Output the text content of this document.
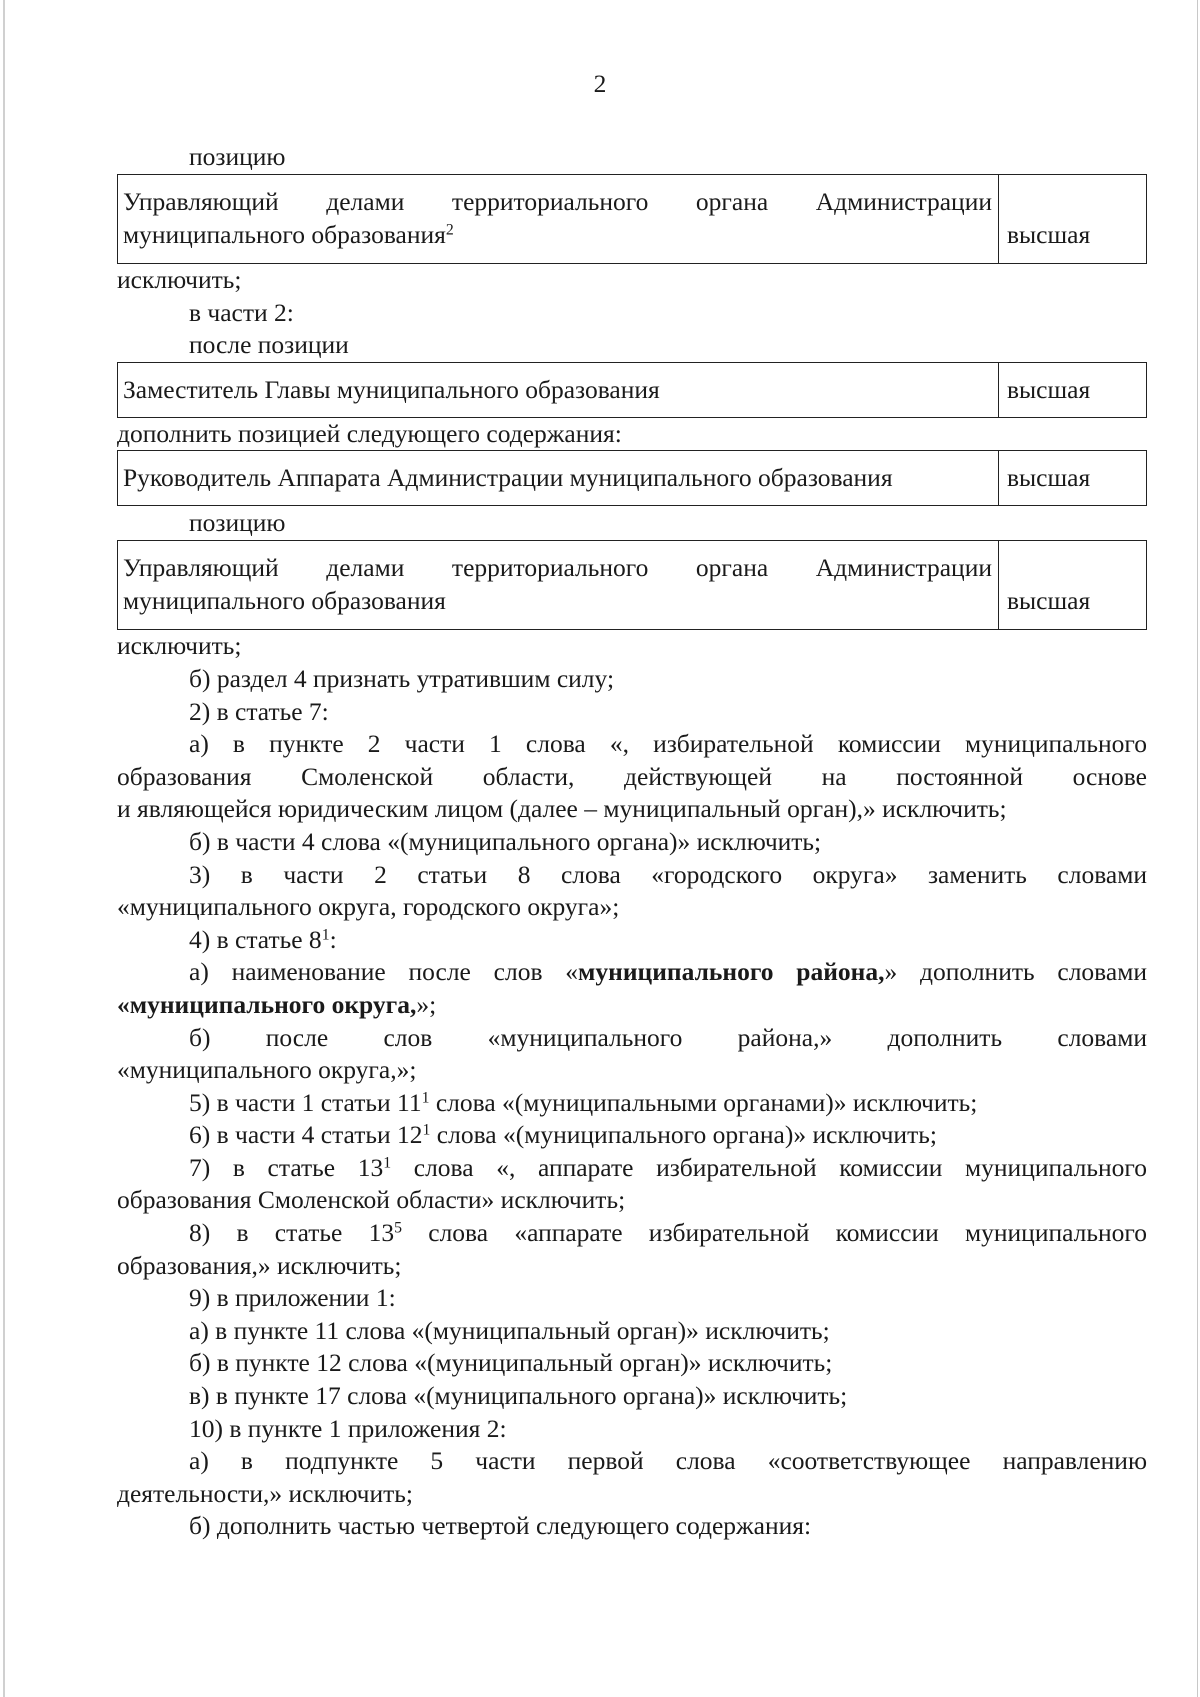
2
позицию
Управляющий делами территориального органа Администрации
муниципального образования$^2$	высшая
исключить;
в части 2:
после позиции
Заместитель Главы муниципального образования	высшая
дополнить позицией следующего содержания:
Руководитель Аппарата Администрации муниципального образования	высшая
позицию
Управляющий делами территориального органа Администрации
муниципального образования	высшая
исключить;
б) раздел 4 признать утратившим силу;
2) в статье 7:
а) в пункте 2 части 1 слова «, избирательной комиссии муниципального
образования Смоленской области, действующей на постоянной основе
и являющейся юридическим лицом (далее – муниципальный орган),» исключить;
б) в части 4 слова «(муниципального органа)» исключить;
3) в части 2 статьи 8 слова «городского округа» заменить словами
«муниципального округа, городского округа»;
4) в статье $8^1$:
а) наименование после слов «муниципального района,» дополнить словами
«муниципального округа,»;
б) после слов «муниципального района,» дополнить словами
«муниципального округа,»;
5) в части 1 статьи $11^1$ слова «(муниципальными органами)» исключить;
6) в части 4 статьи $12^1$ слова «(муниципального органа)» исключить;
7) в статье $13^1$ слова «, аппарате избирательной комиссии муниципального
образования Смоленской области» исключить;
8) в статье $13^5$ слова «аппарате избирательной комиссии муниципального
образования,» исключить;
9) в приложении 1:
а) в пункте 11 слова «(муниципальный орган)» исключить;
б) в пункте 12 слова «(муниципальный орган)» исключить;
в) в пункте 17 слова «(муниципального органа)» исключить;
10) в пункте 1 приложения 2:
а) в подпункте 5 части первой слова «соответствующее направлению
деятельности,» исключить;
б) дополнить частью четвертой следующего содержания:
